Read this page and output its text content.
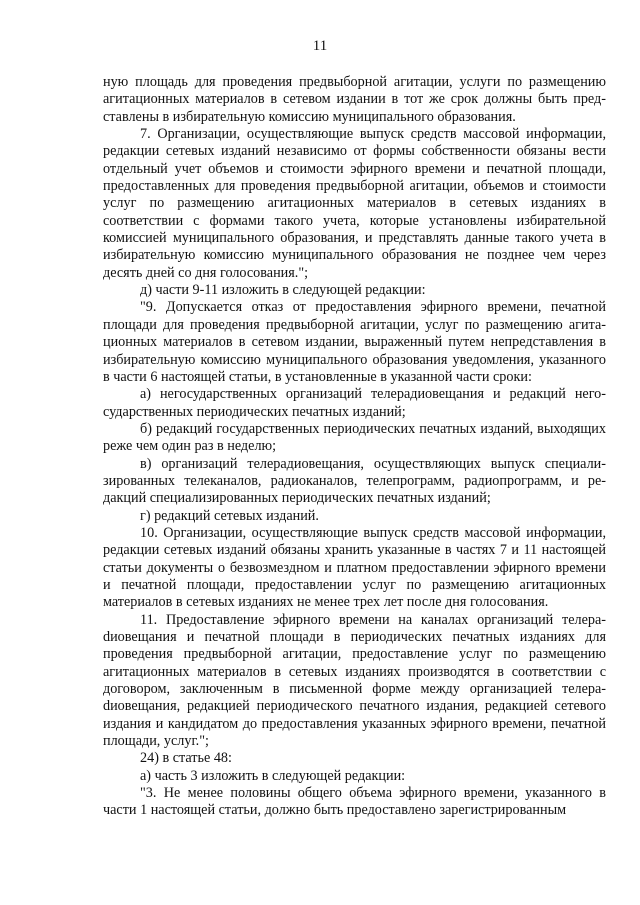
11

ную площадь для проведения предвыборной агитации, услуги по размещению агитационных материалов в сетевом издании в тот же срок должны быть представлены в избирательную комиссию муниципального образования.

7. Организации, осуществляющие выпуск средств массовой информации, редакции сетевых изданий независимо от формы собственности обязаны вести отдельный учет объемов и стоимости эфирного времени и печатной площади, предоставленных для проведения предвыборной агитации, объемов и стоимости услуг по размещению агитационных материалов в сетевых изданиях в соответствии с формами такого учета, которые установлены избирательной комиссией муниципального образования, и представлять данные такого учета в избирательную комиссию муниципального образования не позднее чем через десять дней со дня голосования.";

д) части 9-11 изложить в следующей редакции:

"9. Допускается отказ от предоставления эфирного времени, печатной площади для проведения предвыборной агитации, услуг по размещению агитационных материалов в сетевом издании, выраженный путем непредставления в избирательную комиссию муниципального образования уведомления, указанного в части 6 настоящей статьи, в установленные в указанной части сроки:

а) негосударственных организаций телерадиовещания и редакций негосударственных периодических печатных изданий;

б) редакций государственных периодических печатных изданий, выходящих реже чем один раз в неделю;

в) организаций телерадиовещания, осуществляющих выпуск специализированных телеканалов, радиоканалов, телепрограмм, радиопрограмм, и редакций специализированных периодических печатных изданий;

г) редакций сетевых изданий.

10. Организации, осуществляющие выпуск средств массовой информации, редакции сетевых изданий обязаны хранить указанные в частях 7 и 11 настоящей статьи документы о безвозмездном и платном предоставлении эфирного времени и печатной площади, предоставлении услуг по размещению агитационных материалов в сетевых изданиях не менее трех лет после дня голосования.

11. Предоставление эфирного времени на каналах организаций телераdиовещания и печатной площади в периодических печатных изданиях для проведения предвыборной агитации, предоставление услуг по размещению агитационных материалов в сетевых изданиях производятся в соответствии с договором, заключенным в письменной форме между организацией телераdиовещания, редакцией периодического печатного издания, редакцией сетевого издания и кандидатом до предоставления указанных эфирного времени, печатной площади, услуг.";

24) в статье 48:

а) часть 3 изложить в следующей редакции:

"3. Не менее половины общего объема эфирного времени, указанного в части 1 настоящей статьи, должно быть предоставлено зарегистрированным
